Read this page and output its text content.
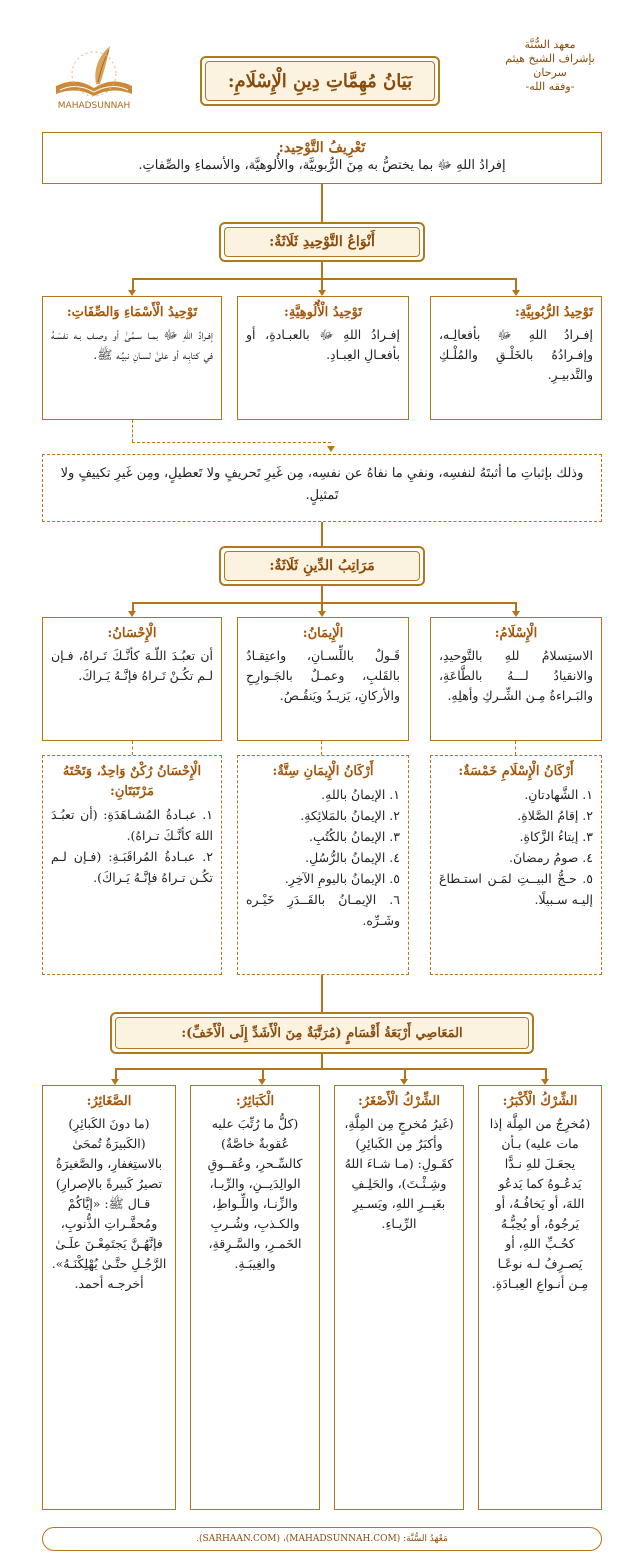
MAHADSUNNAH
بَيَانُ مُهِمَّاتِ دِينِ الْإِسْلَامِ:
معهد السُّنَّة
بإشراف الشيخ هيثم
سرحان
-وفقه الله-
تَعْرِيفُ التَّوْحِيد:
إفرادُ اللهِ ﷻ بما يختصُّ به مِنَ الرُّبوبيَّة، والأُلوهيَّة، والأسماءِ والصِّفاتِ.
أَنْوَاعُ التَّوْحِيدِ ثَلَاثَةٌ:
تَوْحِيدُ الرُّبُوبِيَّةِ:
إفـرادُ اللهِ ﷻ بأفعالِـه، وإفـرادُهُ بالخَلْـقِ والمُلْـكِ والتَّدبيـرِ.
تَوْحِيدُ الْأُلُوهِيَّةِ:
إفـرادُ اللهِ ﷻ بالعبـادةِ، أو بأفعـالِ العِبـادِ.
تَوْحِيدُ الْأَسْمَاءِ وَالصِّفَاتِ:
إفـرادُ اللهِ ﷻ بمـا سـمَّىٰ أو وصـف بـه نفسَـهُ في كتابِـه أو علىٰ لسـانِ نبيِّـه ﷺ.
وذلك بإثباتِ ما أثبتَهُ لنفسِه، ونفيِ ما نفاهُ عن نفسِه، مِن غَيرِ تَحريفٍ ولا تَعطيلٍ، ومِن غَيرِ تكييفٍ ولا تَمثيلٍ.
مَرَاتِبُ الدِّينِ ثَلَاثَةٌ:
الْإِسْلَامُ:
الاستِسلامُ للهِ بالتَّوحيدِ، والانقيادُ لـــهُ بالطَّاعَةِ، والبَـراءةُ مِـن الشِّـركِ وأهلِهِ.
الْإِيمَانُ:
قَـولٌ باللِّسـانِ، واعتِقـادٌ بالقَلبِ، وعمـلٌ بالجَـوارِحِ والأركانِ، يَزيـدُ ويَنقُـصُ.
الْإِحْسَانُ:
أن تعبُـدَ اللّـهَ كأنَّـكَ تَـراهُ، فـإن لـم تكُـنْ تَـراهُ فإنَّـهُ يَـراكَ.
أَرْكَانُ الْإِسْلَامِ خَمْسَةٌ:
١. الشَّهادتانِ.
٢. إقامُ الصَّلاةِ.
٣. إيتاءُ الزَّكاةِ.
٤. صومُ رمضانَ.
٥. حـجُّ البيــتِ لمَـن استـطاعَ إليـه سـبيلًا.
أَرْكَانُ الْإِيمَانِ سِتَّةٌ:
١. الإيمانُ باللهِ.
٢. الإيمانُ بالمَلائِكةِ.
٣. الإيمانُ بالكُتُبِ.
٤. الإيمانُ بالرُّسُلِ.
٥. الإيمانُ باليومِ الآخِرِ.
٦. الإيمـانُ بالقَــدَرِ خَيْـره وشَـرِّه.
الْإِحْسَانُ رُكْنٌ وَاحِدٌ، وَتَحْتَهُ مَرْتَبَتَانِ:
١. عبـادةُ المُشـاهَدَةِ: (أن تعبُـدَ اللهَ كأنَّـكَ تـراهُ).
٢. عبـادةُ المُراقَبَـةِ: (فـإن لـم تكُـن تـراهُ فإنَّـهُ يَـراكَ).
المَعَاصِي أَرْبَعَةُ أَقْسَامٍ (مُرَتَّبَةٌ مِنَ الْأَشَدِّ إِلَى الْأَخَفِّ):
الشِّرْكُ الْأَكْبَرُ:
(مُخرِجٌ من المِلَّة إذا مات عليه) بـأن يجعَـلَ للهِ نـدًّا يَدعُـوهُ كما يَدعُو اللهَ، أو يَخافُـهُ، أو يَرجُوهُ، أو يُحِبُّـهُ كحُـبِّ اللهِ، أو يَصـرِفُ لـه نوعًـا مِـن أنـواعِ العِبـادَةِ.
الشِّرْكُ الْأَصْغَرُ:
(غَيرُ مُخرجٍ مِن المِلَّةِ، وأكبَرُ مِن الكَبائِرِ) كقَـولِ: (مـا شـاءَ اللهُ وشِـئْـتَ)، والحَلِـفِ بغَيــرِ اللهِ، ويَسـيرِ الرِّيـاءِ.
الْكَبَائِرُ:
(كلُّ ما رُتِّبَ عليه عُقوبةٌ خاصَّةٌ) كالسِّـحرِ، وعُقــوقِ الوالِدَيــنِ، والرِّبـا، والزِّنـا، واللِّـواطِ، والكـذبِ، وشُـربِ الخَمـرِ، والسَّـرِقةِ، والغِيبَـةِ.
الصَّغَائِرُ:
(ما دونَ الكَبائِرِ) (الكَبيرَةُ تُمحَىٰ بالاستِغفارِ، والصَّغيرَةُ تصيرُ كَبيرةً بالإصرارِ) قـال ﷺ: «إيَّاكُمْ ومُحقَّـراتِ الذُّنوبِ، فإنَّهُـنَّ يَجتَمِعْـنَ علَـىٰ الرَّجُـلِ حتَّـىٰ يُهْلِكْنَـهُ». أخرجـه أحمد.
مَعْهَدُ السُّنَّة: (MAHADSUNNAH.COM)، (SARHAAN.COM).
